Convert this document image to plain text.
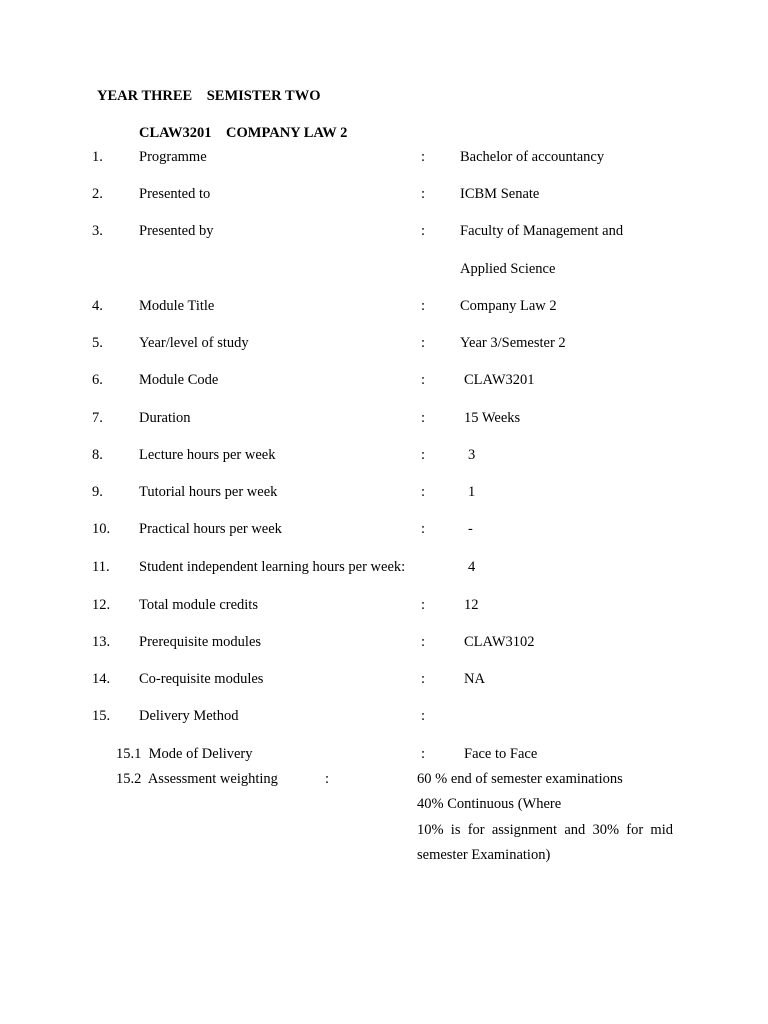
YEAR THREE    SEMISTER TWO
CLAW3201    COMPANY LAW 2
1. Programme	: Bachelor of accountancy
2. Presented to	: ICBM Senate
3. Presented by	: Faculty of Management and
Applied Science
4. Module Title	: Company Law 2
5. Year/level of study	: Year 3/Semester 2
6. Module Code	:	CLAW3201
7. Duration	:	15 Weeks
8. Lecture hours per week	:	3
9. Tutorial hours per week	:	1
10. Practical hours per week	:	-
11. Student independent learning hours per week:	4
12. Total module credits	:	12
13. Prerequisite modules	:	CLAW3102
14. Co-requisite modules	:	NA
15. Delivery Method	:
15.1  Mode of Delivery	:	Face to Face
15.2  Assessment weighting	:	60 % end of semester examinations
40% Continuous (Where
10% is for assignment and 30% for mid
semester Examination)
